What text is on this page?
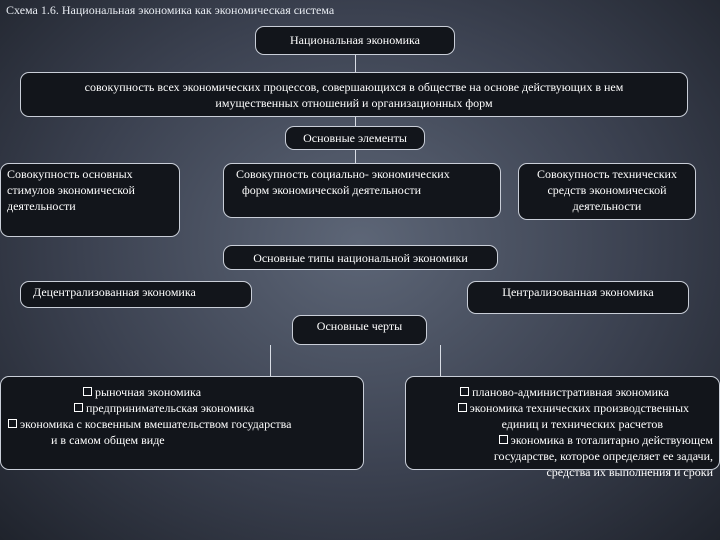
Схема 1.6. Национальная экономика как экономическая система
Национальная экономика
совокупность всех экономических процессов, совершающихся в обществе на основе действующих в нем
имущественных отношений и организационных форм
Основные элементы
Совокупность основных
стимулов экономической
деятельности
Совокупность социально- экономических
форм экономической деятельности
Совокупность технических
средств экономической
деятельности
Основные типы национальной экономики
Децентрализованная экономика	Централизованная экономика
Основные черты
рыночная экономика
предпринимательская экономика
экономика с косвенным вмешательством государства
и в самом общем виде
планово-административная экономика
экономика технических производственных
единиц и технических расчетов
экономика в тоталитарно действующем
государстве, которое определяет ее задачи,
средства их выполнения и сроки
